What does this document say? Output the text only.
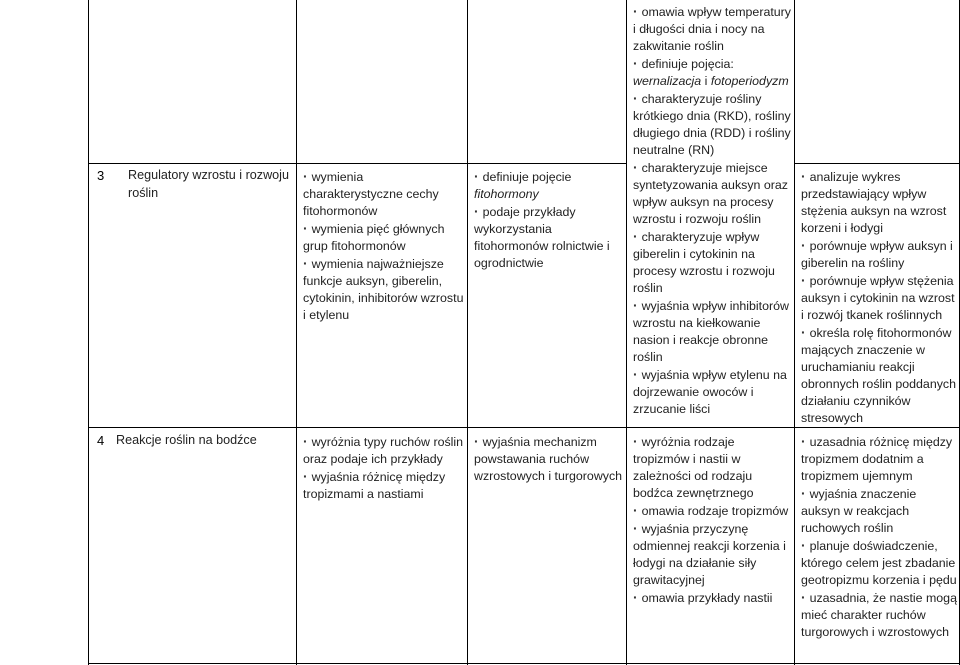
3 Regulatory wzrostu i rozwoju roślin

· wymienia charakterystyczne cechy fitohormonów

· wymienia pięć głównych grup fitohormonów

· wymienia najważniejsze funkcje auksyn, giberelin, cytokinin, inhibitorów wzrostu i etylenu

· definiuje pojęcie fitohormony

· podaje przykłady wykorzystania fitohormonów rolnictwie i ogrodnictwie

· omawia wpływ temperatury i długości dnia i nocy na zakwitanie roślin

· definiuje pojęcia: wernalizacja i fotoperiodyzm

· charakteryzuje rośliny krótkiego dnia (RKD), rośliny długiego dnia (RDD) i rośliny neutralne (RN)

· charakteryzuje miejsce syntetyzowania auksyn oraz wpływ auksyn na procesy wzrostu i rozwoju roślin

· charakteryzuje wpływ giberelin i cytokinin na procesy wzrostu i rozwoju roślin

· wyjaśnia wpływ inhibitorów wzrostu na kiełkowanie nasion i reakcje obronne roślin

· wyjaśnia wpływ etylenu na dojrzewanie owoców i zrzucanie liści

· analizuje wykres przedstawiający wpływ stężenia auksyn na wzrost korzeni i łodygi

· porównuje wpływ auksyn i giberelin na rośliny

· porównuje wpływ stężenia auksyn i cytokinin na wzrost i rozwój tkanek roślinnych

· określa rolę fitohormonów mających znaczenie w uruchamianiu reakcji obronnych roślin poddanych działaniu czynników stresowych

4 Reakcje roślin na bodźce

·	wyróżnia typy ruchów roślin oraz podaje ich przykłady

· wyjaśnia różnicę między tropizmami a nastiami

· wyjaśnia mechanizm powstawania ruchów wzrostowych i turgorowych

· wyróżnia rodzaje tropizmów i nastii w zależności od rodzaju bodźca zewnętrznego

· omawia rodzaje tropizmów

· wyjaśnia przyczynę odmiennej reakcji korzenia i łodygi na działanie siły grawitacyjnej

· omawia przykłady nastii

· uzasadnia różnicę między tropizmem dodatnim a tropizmem ujemnym

· wyjaśnia znaczenie auksyn w reakcjach ruchowych roślin

· planuje doświadczenie, którego celem jest zbadanie geotropizmu korzenia i pędu

· uzasadnia, że nastie mogą mieć charakter ruchów turgorowych i wzrostowych
